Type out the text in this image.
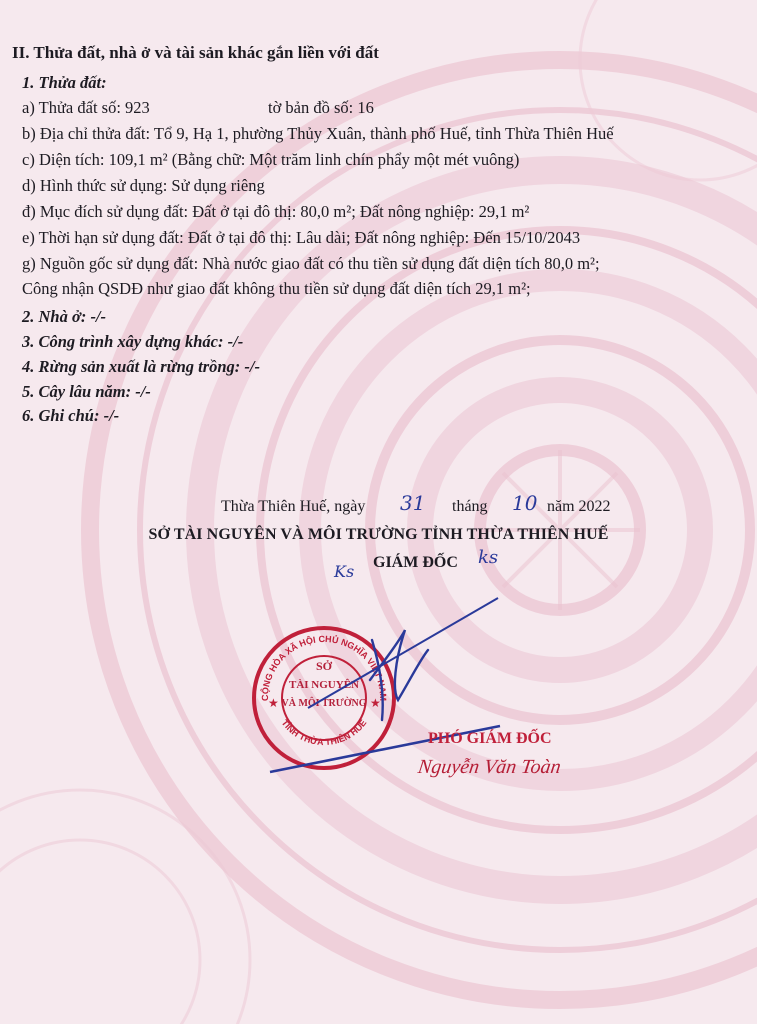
II. Thửa đất, nhà ở và tài sản khác gắn liền với đất
1. Thửa đất:
a) Thửa đất số: 923	tờ bản đồ số: 16
b) Địa chỉ thửa đất: Tổ 9, Hạ 1, phường Thủy Xuân, thành phố Huế, tỉnh Thừa Thiên Huế
c) Diện tích: 109,1 m² (Bằng chữ: Một trăm linh chín phẩy một mét vuông)
d) Hình thức sử dụng: Sử dụng riêng
đ) Mục đích sử dụng đất: Đất ở tại đô thị: 80,0 m²; Đất nông nghiệp: 29,1 m²
e) Thời hạn sử dụng đất: Đất ở tại đô thị: Lâu dài; Đất nông nghiệp: Đến 15/10/2043
g) Nguồn gốc sử dụng đất: Nhà nước giao đất có thu tiền sử dụng đất diện tích 80,0 m²;
Công nhận QSDĐ như giao đất không thu tiền sử dụng đất diện tích 29,1 m²;
2. Nhà ở: -/-
3. Công trình xây dựng khác: -/-
4. Rừng sản xuất là rừng trồng: -/-
5. Cây lâu năm: -/-
6. Ghi chú: -/-
Thừa Thiên Huế, ngày 31 tháng 10 năm 2022
SỞ TÀI NGUYÊN VÀ MÔI TRƯỜNG TỈNH THỪA THIÊN HUẾ
GIÁM ĐỐC ks
Ks
CỘNG HÒA XÃ HỘI CHỦ NGHĨA VIỆT NAM
TỈNH THỪA THIÊN HUẾ
★	★
SỞ
TÀI NGUYÊN
VÀ MÔI TRƯỜNG
PHÓ GIÁM ĐỐC
Nguyễn Văn Toàn
